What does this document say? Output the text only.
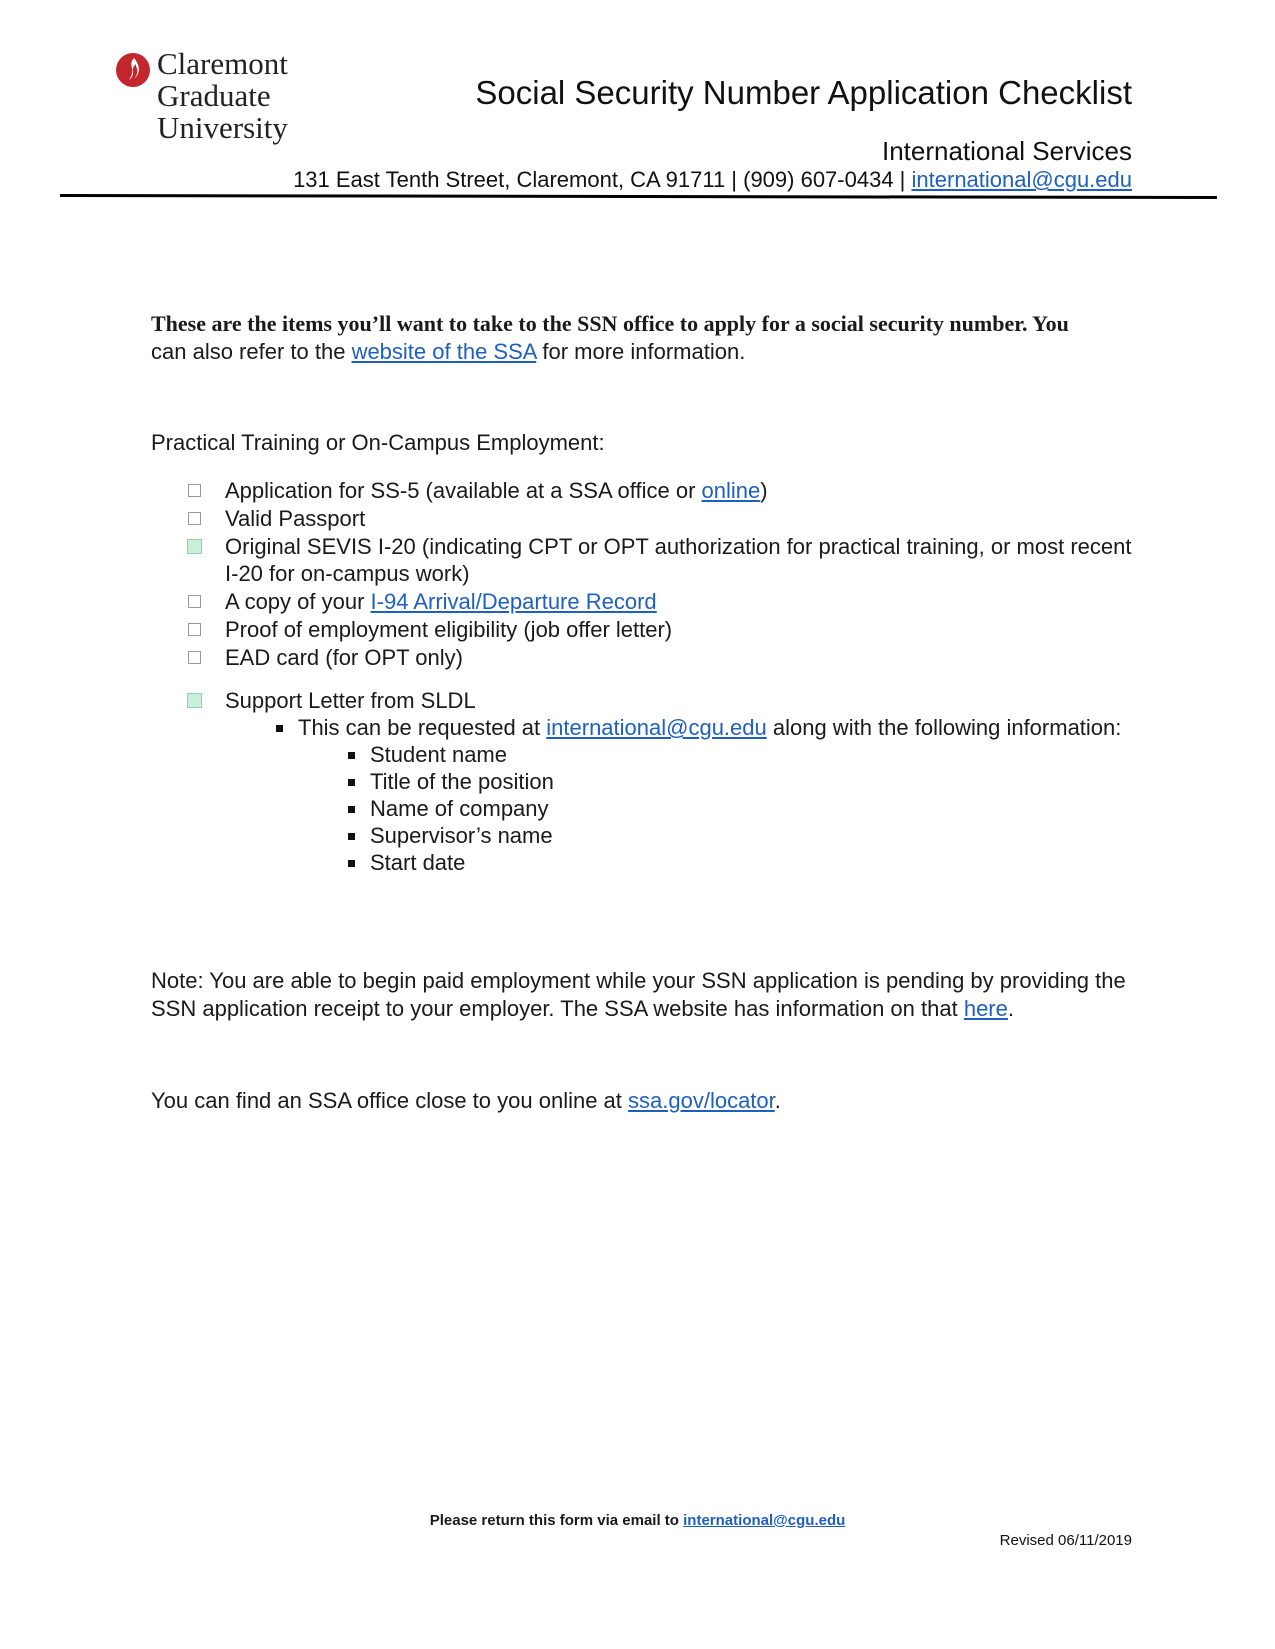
Claremont
Graduate
University
Social Security Number Application Checklist
International Services
131 East Tenth Street, Claremont, CA 91711 | (909) 607-0434 | international@cgu.edu
These are the items you’ll want to take to the SSN office to apply for a social security number. You
can also refer to the website of the SSA for more information.
Practical Training or On-Campus Employment:
Application for SS-5 (available at a SSA office or online)
Valid Passport
Original SEVIS I-20 (indicating CPT or OPT authorization for practical training, or most recent I-20 for on-campus work)
A copy of your I-94 Arrival/Departure Record
Proof of employment eligibility (job offer letter)
EAD card (for OPT only)
Support Letter from SLDL
This can be requested at international@cgu.edu along with the following information:
Student name
Title of the position
Name of company
Supervisor’s name
Start date
Note: You are able to begin paid employment while your SSN application is pending by providing the SSN application receipt to your employer. The SSA website has information on that here.
You can find an SSA office close to you online at ssa.gov/locator.
Please return this form via email to international@cgu.edu
Revised 06/11/2019
